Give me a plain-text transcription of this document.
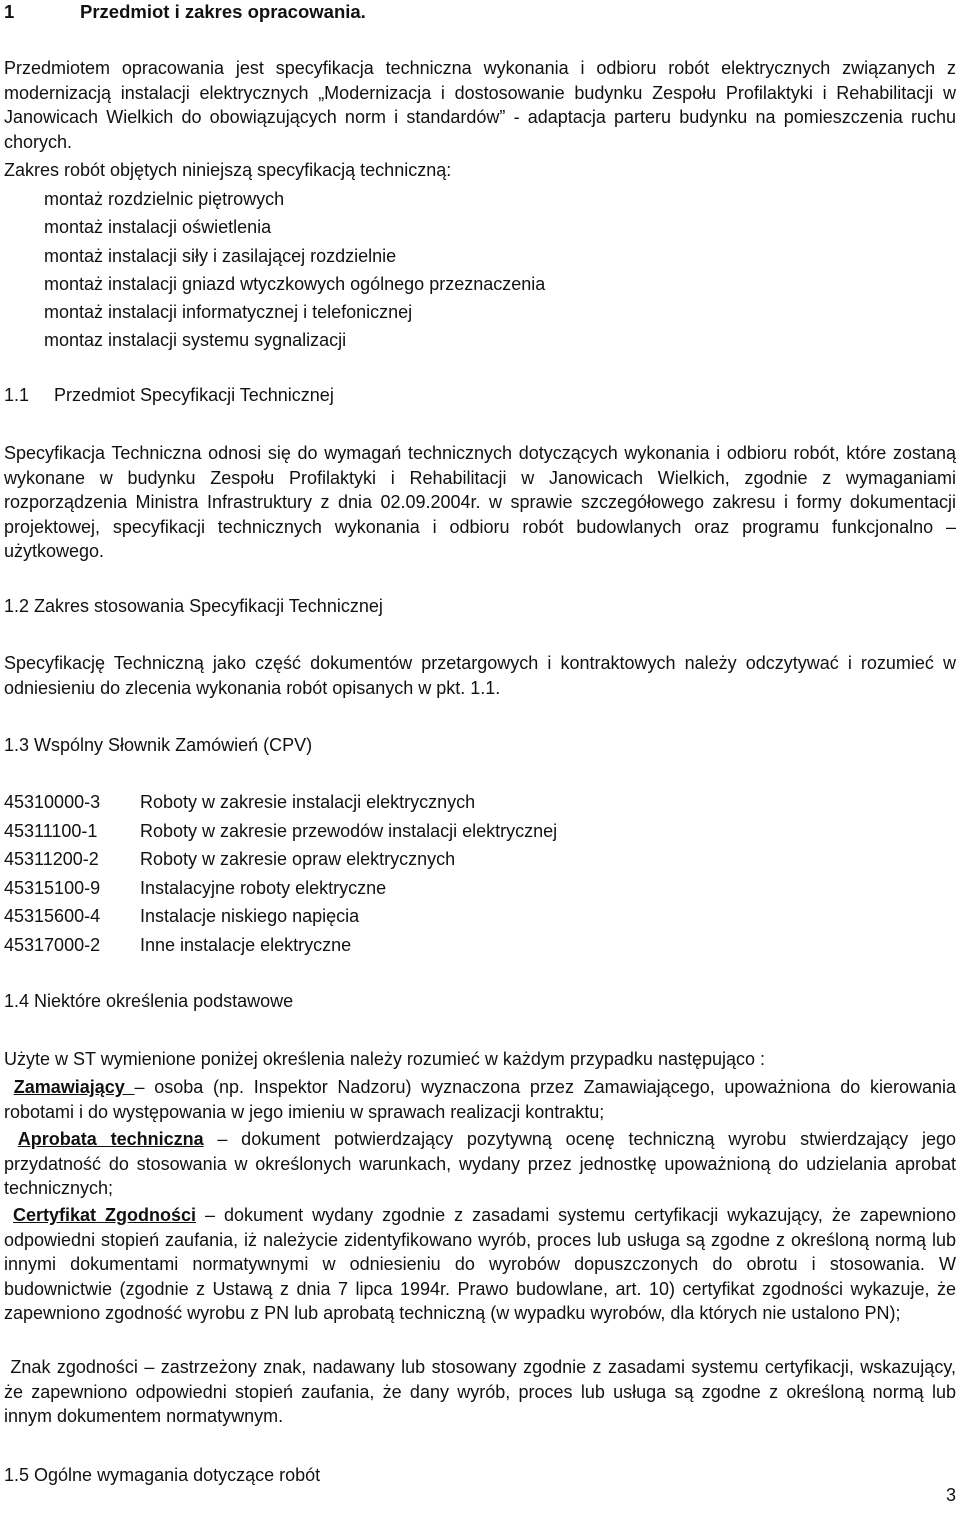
1	Przedmiot i zakres opracowania.

Przedmiotem opracowania jest specyfikacja techniczna wykonania i odbioru robót elektrycznych związanych z modernizacją instalacji elektrycznych „Modernizacja i dostosowanie budynku Zespołu Profilaktyki i Rehabilitacji w Janowicach Wielkich do obowiązujących norm i standardów” - adaptacja parteru budynku na pomieszczenia ruchu chorych.

Zakres robót objętych niniejszą specyfikacją techniczną:

montaż rozdzielnic piętrowych

montaż instalacji oświetlenia

montaż instalacji siły i zasilającej rozdzielnie

montaż instalacji gniazd wtyczkowych ogólnego przeznaczenia

montaż instalacji informatycznej i telefonicznej

montaz instalacji systemu sygnalizacji

1.1     Przedmiot Specyfikacji Technicznej

Specyfikacja Techniczna odnosi się do wymagań technicznych dotyczących wykonania i odbioru robót, które zostaną wykonane w budynku Zespołu Profilaktyki i Rehabilitacji w Janowicach Wielkich, zgodnie z wymaganiami rozporządzenia Ministra Infrastruktury z dnia 02.09.2004r. w sprawie szczegółowego zakresu i formy dokumentacji projektowej, specyfikacji technicznych wykonania i odbioru robót budowlanych oraz programu funkcjonalno – użytkowego.

1.2 Zakres stosowania Specyfikacji Technicznej

Specyfikację Techniczną jako część dokumentów przetargowych i kontraktowych należy odczytywać i rozumieć w odniesieniu do zlecenia wykonania robót opisanych w pkt. 1.1.

1.3 Wspólny Słownik Zamówień (CPV)

45310000-3 Roboty w zakresie instalacji elektrycznych
45311100-1 Roboty w zakresie przewodów instalacji elektrycznej
45311200-2 Roboty w zakresie opraw elektrycznych
45315100-9 Instalacyjne roboty elektryczne
45315600-4 Instalacje niskiego napięcia
45317000-2 Inne instalacje elektryczne

1.4 Niektóre określenia podstawowe

Użyte w ST wymienione poniżej określenia należy rozumieć w każdym przypadku następująco :

Zamawiający – osoba (np. Inspektor Nadzoru) wyznaczona przez Zamawiającego, upoważniona do kierowania robotami i do występowania w jego imieniu w sprawach realizacji kontraktu;

Aprobata techniczna – dokument potwierdzający pozytywną ocenę techniczną wyrobu stwierdzający jego przydatność do stosowania w określonych warunkach, wydany przez jednostkę upoważnioną do udzielania aprobat technicznych;

Certyfikat Zgodności – dokument wydany zgodnie z zasadami systemu certyfikacji wykazujący, że zapewniono odpowiedni stopień zaufania, iż należycie zidentyfikowano wyrób, proces lub usługa są zgodne z określoną normą lub innymi dokumentami normatywnymi w odniesieniu do wyrobów dopuszczonych do obrotu i stosowania. W budownictwie (zgodnie z Ustawą z dnia 7 lipca 1994r. Prawo budowlane, art. 10) certyfikat zgodności wykazuje, że zapewniono zgodność wyrobu z PN lub aprobatą techniczną (w wypadku wyrobów, dla których nie ustalono PN);

Znak zgodności – zastrzeżony znak, nadawany lub stosowany zgodnie z zasadami systemu certyfikacji, wskazujący, że zapewniono odpowiedni stopień zaufania, że dany wyrób, proces lub usługa są zgodne z określoną normą lub innym dokumentem normatywnym.

1.5 Ogólne wymagania dotyczące robót

3
